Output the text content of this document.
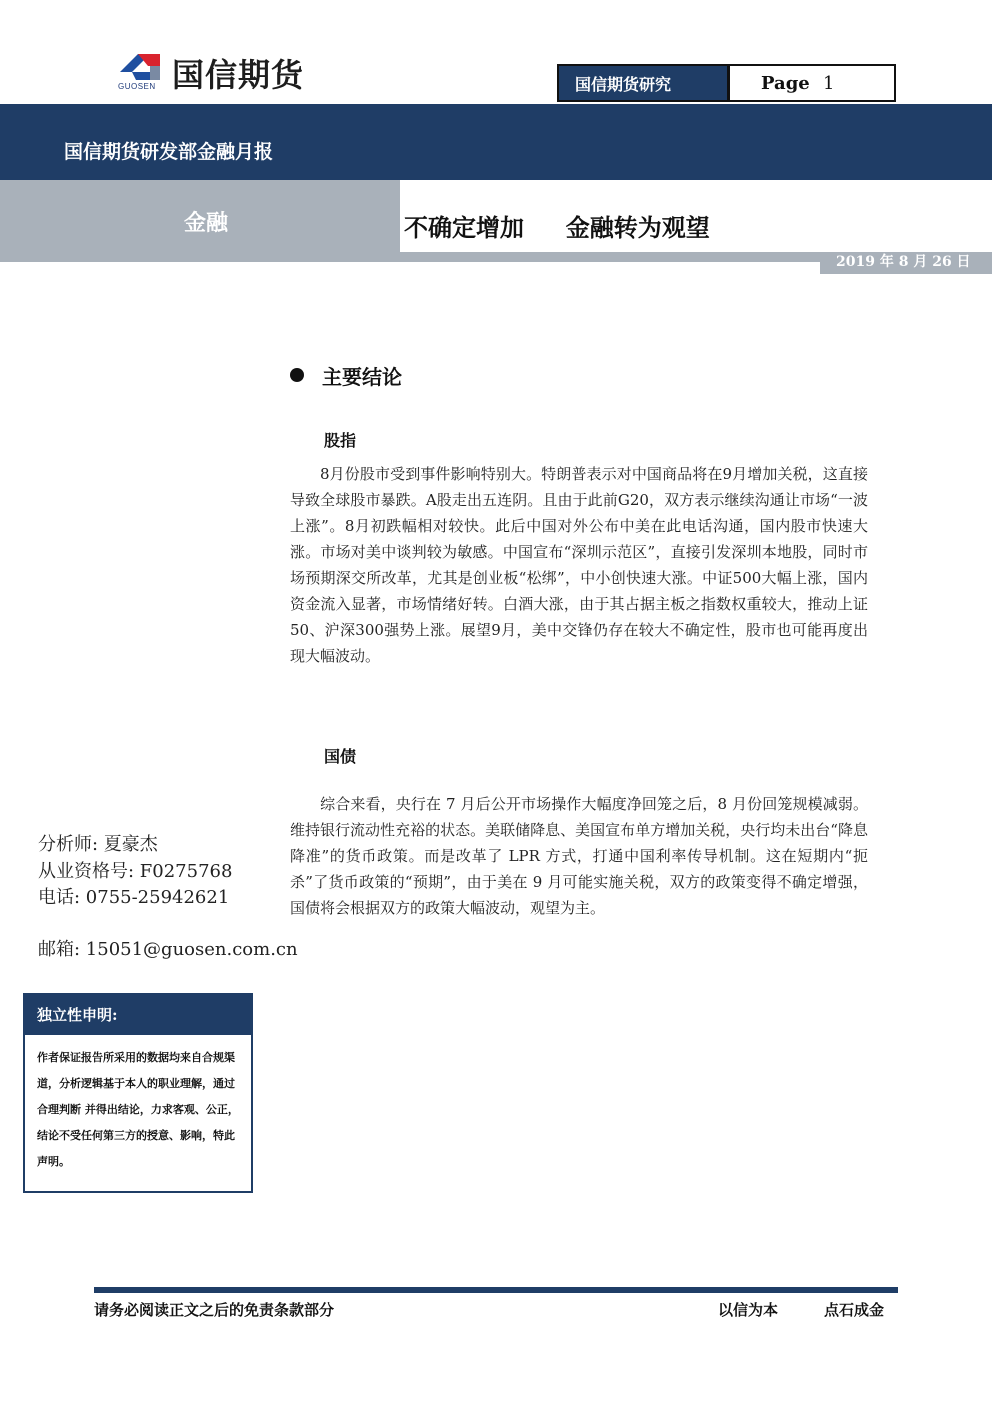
国信期货
GUOSEN	国信期货研究	Page 1
国信期货研发部金融月报
金融	不确定增加     金融转为观望
2019 年 8 月 26 日
主要结论
股指
8月份股市受到事件影响特别大。特朗普表示对中国商品将在9月增加关税，这直接导致全球股市暴跌。A股走出五连阴。且由于此前G20，双方表示继续沟通让市场“一波上涨”。8月初跌幅相对较快。此后中国对外公布中美在此电话沟通，国内股市快速大涨。市场对美中谈判较为敏感。中国宣布“深圳示范区”，直接引发深圳本地股，同时市场预期深交所改革，尤其是创业板“松绑”，中小创快速大涨。中证500大幅上涨，国内资金流入显著，市场情绪好转。白酒大涨，由于其占据主板之指数权重较大，推动上证50、沪深300强势上涨。展望9月，美中交锋仍存在较大不确定性，股市也可能再度出现大幅波动。
国债
综合来看，央行在 7 月后公开市场操作大幅度净回笼之后，8 月份回笼规模减弱。维持银行流动性充裕的状态。美联储降息、美国宣布单方增加关税，央行均未出台“降息降准”的货币政策。而是改革了 LPR 方式，打通中国利率传导机制。这在短期内“扼杀”了货币政策的“预期”，由于美在 9 月可能实施关税，双方的政策变得不确定增强，国债将会根据双方的政策大幅波动，观望为主。
分析师: 夏豪杰
从业资格号: F0275768
电话: 0755-25942621
邮箱: 15051@guosen.com.cn
独立性申明:
作者保证报告所采用的数据均来自合规渠道，分析逻辑基于本人的职业理解，通过合理判断 并得出结论，力求客观、公正，结论不受任何第三方的授意、影响，特此声明。
请务必阅读正文之后的免责条款部分	以信为本	点石成金
